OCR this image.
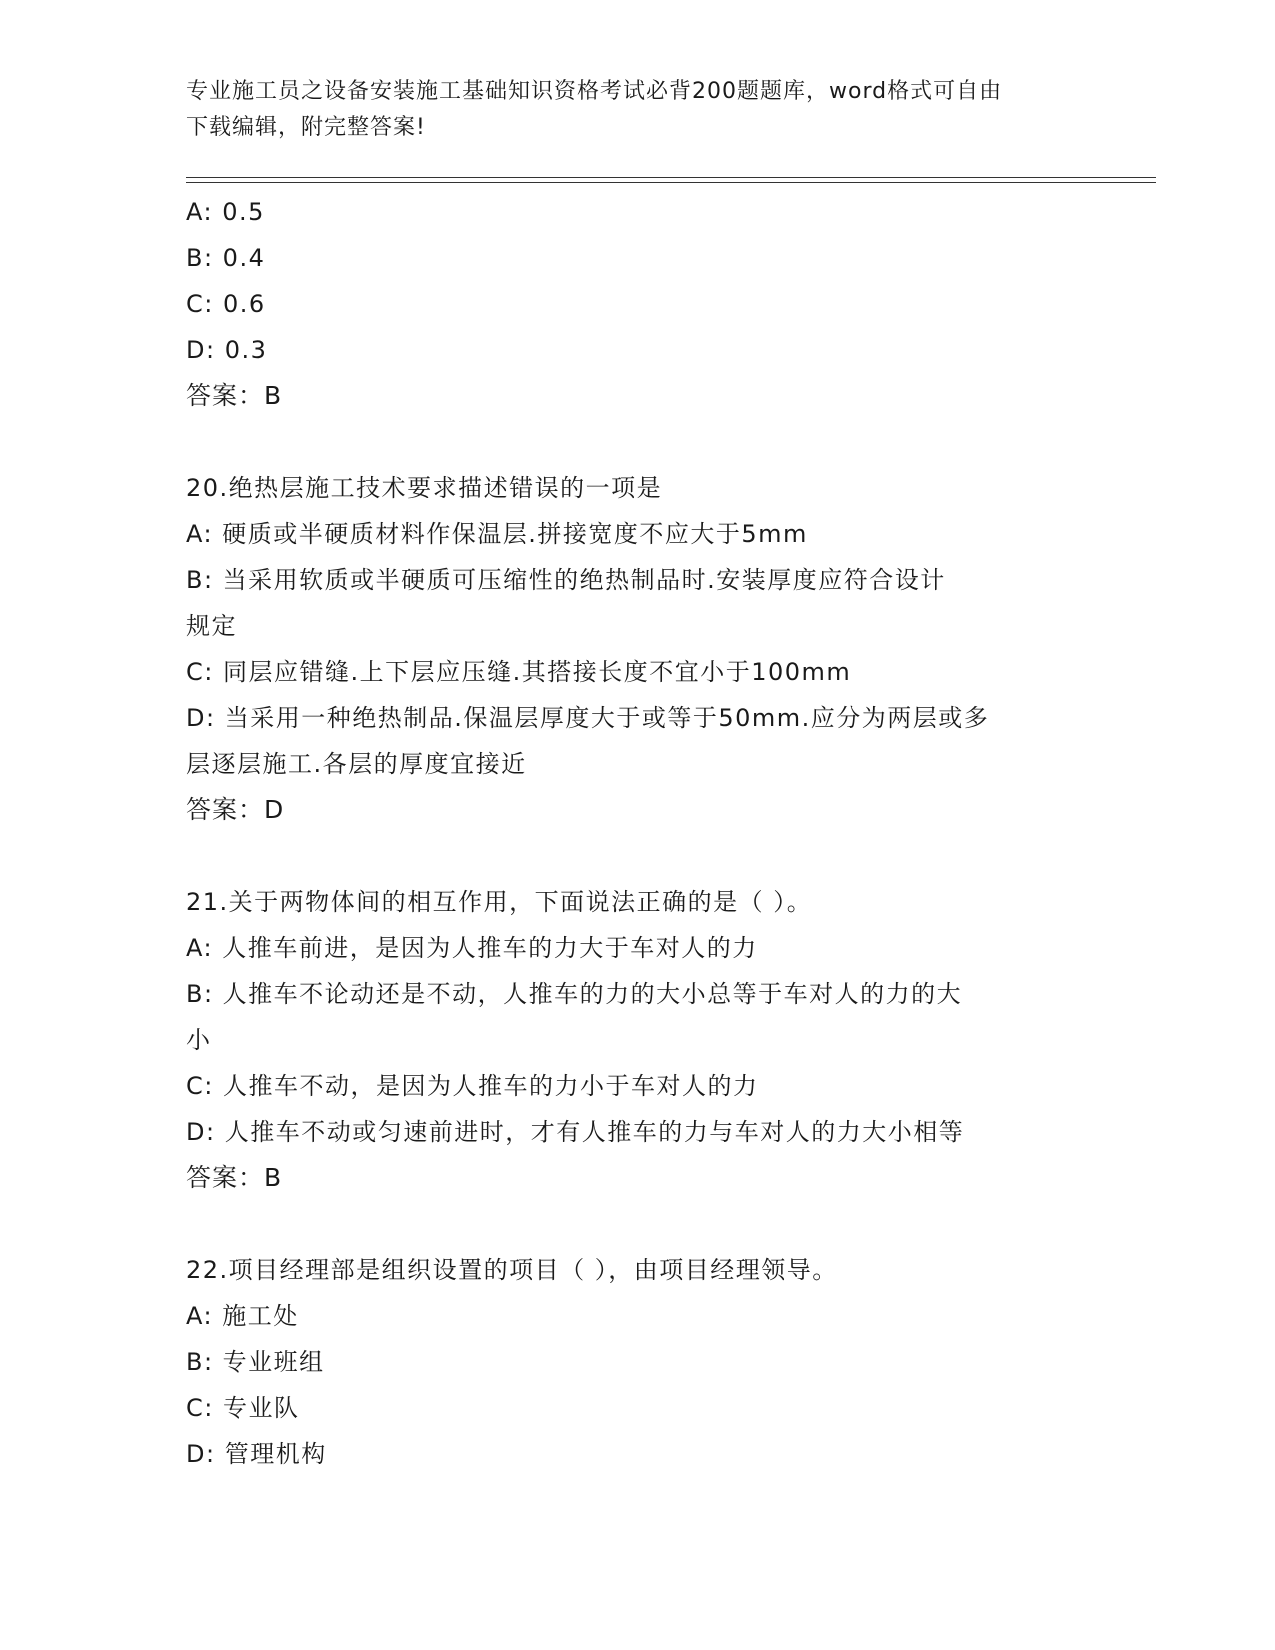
专业施工员之设备安装施工基础知识资格考试必背200题题库，word格式可自由
下载编辑，附完整答案!
A: 0.5
B: 0.4
C: 0.6
D: 0.3
答案：B
20.绝热层施工技术要求描述错误的一项是
A: 硬质或半硬质材料作保温层.拼接宽度不应大于5mm
B: 当采用软质或半硬质可压缩性的绝热制品时.安装厚度应符合设计
规定
C: 同层应错缝.上下层应压缝.其搭接长度不宜小于100mm
D: 当采用一种绝热制品.保温层厚度大于或等于50mm.应分为两层或多
层逐层施工.各层的厚度宜接近
答案：D
21.关于两物体间的相互作用，下面说法正确的是（ ）。
A: 人推车前进，是因为人推车的力大于车对人的力
B: 人推车不论动还是不动，人推车的力的大小总等于车对人的力的大
小
C: 人推车不动，是因为人推车的力小于车对人的力
D: 人推车不动或匀速前进时，才有人推车的力与车对人的力大小相等
答案：B
22.项目经理部是组织设置的项目（ ），由项目经理领导。
A: 施工处
B: 专业班组
C: 专业队
D: 管理机构
